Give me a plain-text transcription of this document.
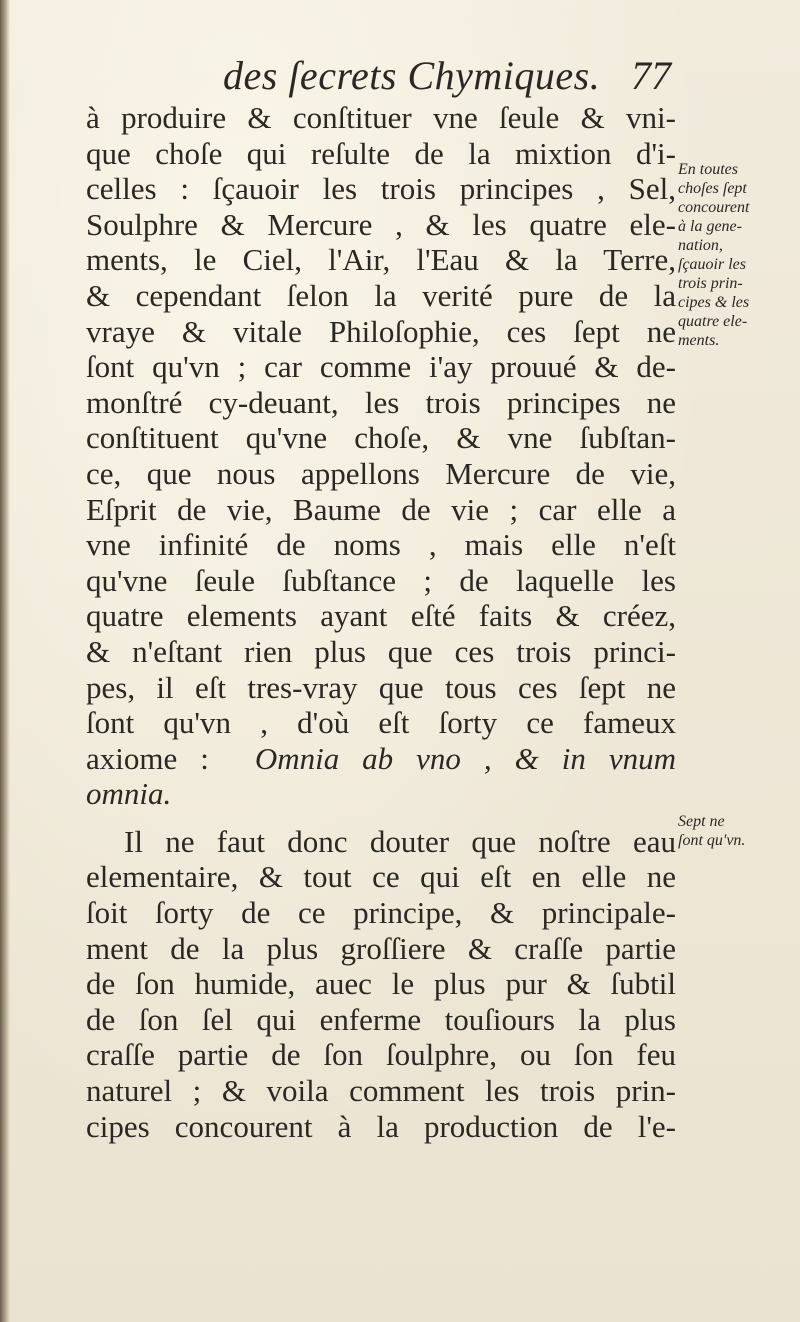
des ſecrets Chymiques. 77
à produire & conſtituer vne ſeule & vni-
que choſe qui reſulte de la mixtion d'i-
celles : ſçauoir les trois principes , Sel,
Soulphre & Mercure , & les quatre ele-
ments, le Ciel, l'Air, l'Eau & la Terre,
& cependant ſelon la verité pure de la
vraye & vitale Philoſophie, ces ſept ne
ſont qu'vn ; car comme i'ay prouué & de-
monſtré cy-deuant, les trois principes ne
conſtituent qu'vne choſe, & vne ſubſtan-
ce, que nous appellons Mercure de vie,
Eſprit de vie, Baume de vie ; car elle a
vne infinité de noms , mais elle n'eſt
qu'vne ſeule ſubſtance ; de laquelle les
quatre elements ayant eſté faits & créez,
& n'eſtant rien plus que ces trois princi-
pes, il eſt tres-vray que tous ces ſept ne
ſont qu'vn , d'où eſt ſorty ce fameux
axiome : Omnia ab vno , & in vnum
omnia.
Il ne faut donc douter que noſtre eau
elementaire, & tout ce qui eſt en elle ne
ſoit ſorty de ce principe, & principale-
ment de la plus groſſiere & craſſe partie
de ſon humide, auec le plus pur & ſubtil
de ſon ſel qui enferme touſiours la plus
craſſe partie de ſon ſoulphre, ou ſon feu
naturel ; & voila comment les trois prin-
cipes concourent à la production de l'e-
En toutes
choſes ſept
concourent
à la gene-
nation,
ſçauoir les
trois prin-
cipes & les
quatre ele-
ments.
Sept ne
ſont qu'vn.
